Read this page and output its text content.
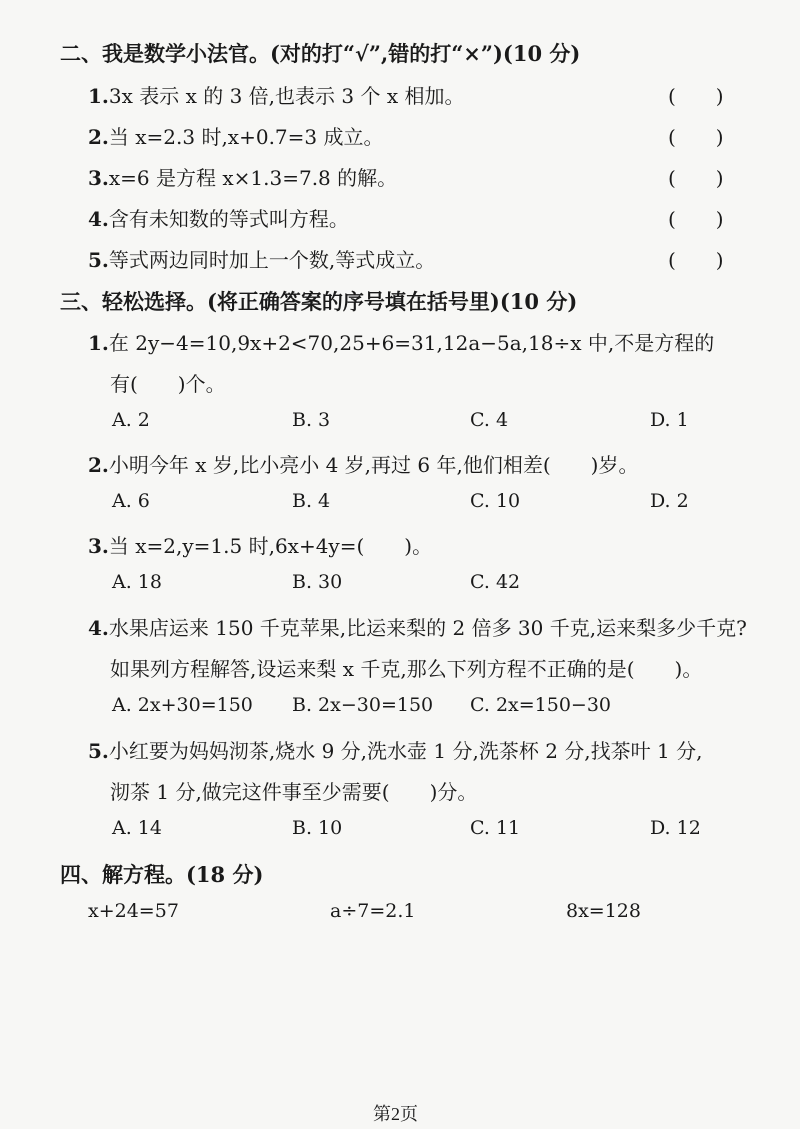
二、我是数学小法官。(对的打“√”,错的打“×”)(10 分)
1.3x 表示 x 的 3 倍,也表示 3 个 x 相加。	(　　)
2.当 x=2.3 时,x+0.7=3 成立。	(　　)
3.x=6 是方程 x×1.3=7.8 的解。	(　　)
4.含有未知数的等式叫方程。	(　　)
5.等式两边同时加上一个数,等式成立。	(　　)
三、轻松选择。(将正确答案的序号填在括号里)(10 分)
1.在 2y−4=10,9x+2<70,25+6=31,12a−5a,18÷x 中,不是方程的
有(　　)个。
A. 2	B. 3	C. 4	D. 1
2.小明今年 x 岁,比小亮小 4 岁,再过 6 年,他们相差(　　)岁。
A. 6	B. 4	C. 10	D. 2
3.当 x=2,y=1.5 时,6x+4y=(　　)。
A. 18	B. 30	C. 42
4.水果店运来 150 千克苹果,比运来梨的 2 倍多 30 千克,运来梨多少千克?
如果列方程解答,设运来梨 x 千克,那么下列方程不正确的是(　　)。
A. 2x+30=150 B. 2x−30=150 C. 2x=150−30
5.小红要为妈妈沏茶,烧水 9 分,洗水壶 1 分,洗茶杯 2 分,找茶叶 1 分,
沏茶 1 分,做完这件事至少需要(　　)分。
A. 14	B. 10	C. 11	D. 12
四、解方程。(18 分)
x+24=57	a÷7=2.1	8x=128
第2页
